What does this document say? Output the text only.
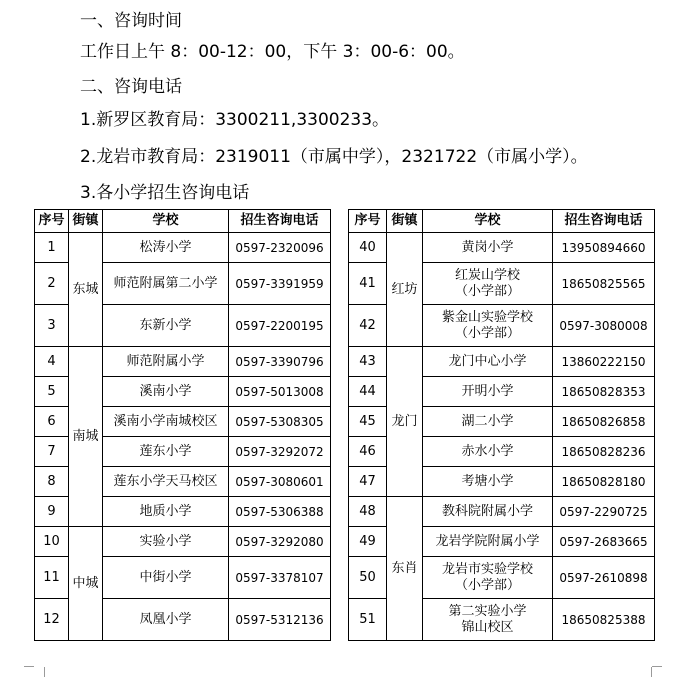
一、咨询时间
工作日上午 8：00-12：00，下午 3：00-6：00。
二、咨询电话
1.新罗区教育局：3300211,3300233。
2.龙岩市教育局：2319011（市属中学），2321722（市属小学）。
3.各小学招生咨询电话
序号	街镇	学校	招生咨询电话
1	东城	松涛小学	0597-2320096
2		师范附属第二小学	0597-3391959
3		东新小学	0597-2200195
4	南城	师范附属小学	0597-3390796
5		溪南小学	0597-5013008
6		溪南小学南城校区	0597-5308305
7		莲东小学	0597-3292072
8		莲东小学天马校区	0597-3080601
9		地质小学	0597-5306388
10	中城	实验小学	0597-3292080
11		中街小学	0597-3378107
12		凤凰小学	0597-5312136
序号	街镇	学校	招生咨询电话
40	红坊	黄岗小学	13950894660
41		红炭山学校
（小学部）	18650825565
42		紫金山实验学校
（小学部）	0597-3080008
43	龙门	龙门中心小学	13860222150
44		开明小学	18650828353
45		湖二小学	18650826858
46		赤水小学	18650828236
47		考塘小学	18650828180
48	东肖	教科院附属小学	0597-2290725
49		龙岩学院附属小学	0597-2683665
50		龙岩市实验学校
（小学部）	0597-2610898
51		第二实验小学
锦山校区	18650825388
